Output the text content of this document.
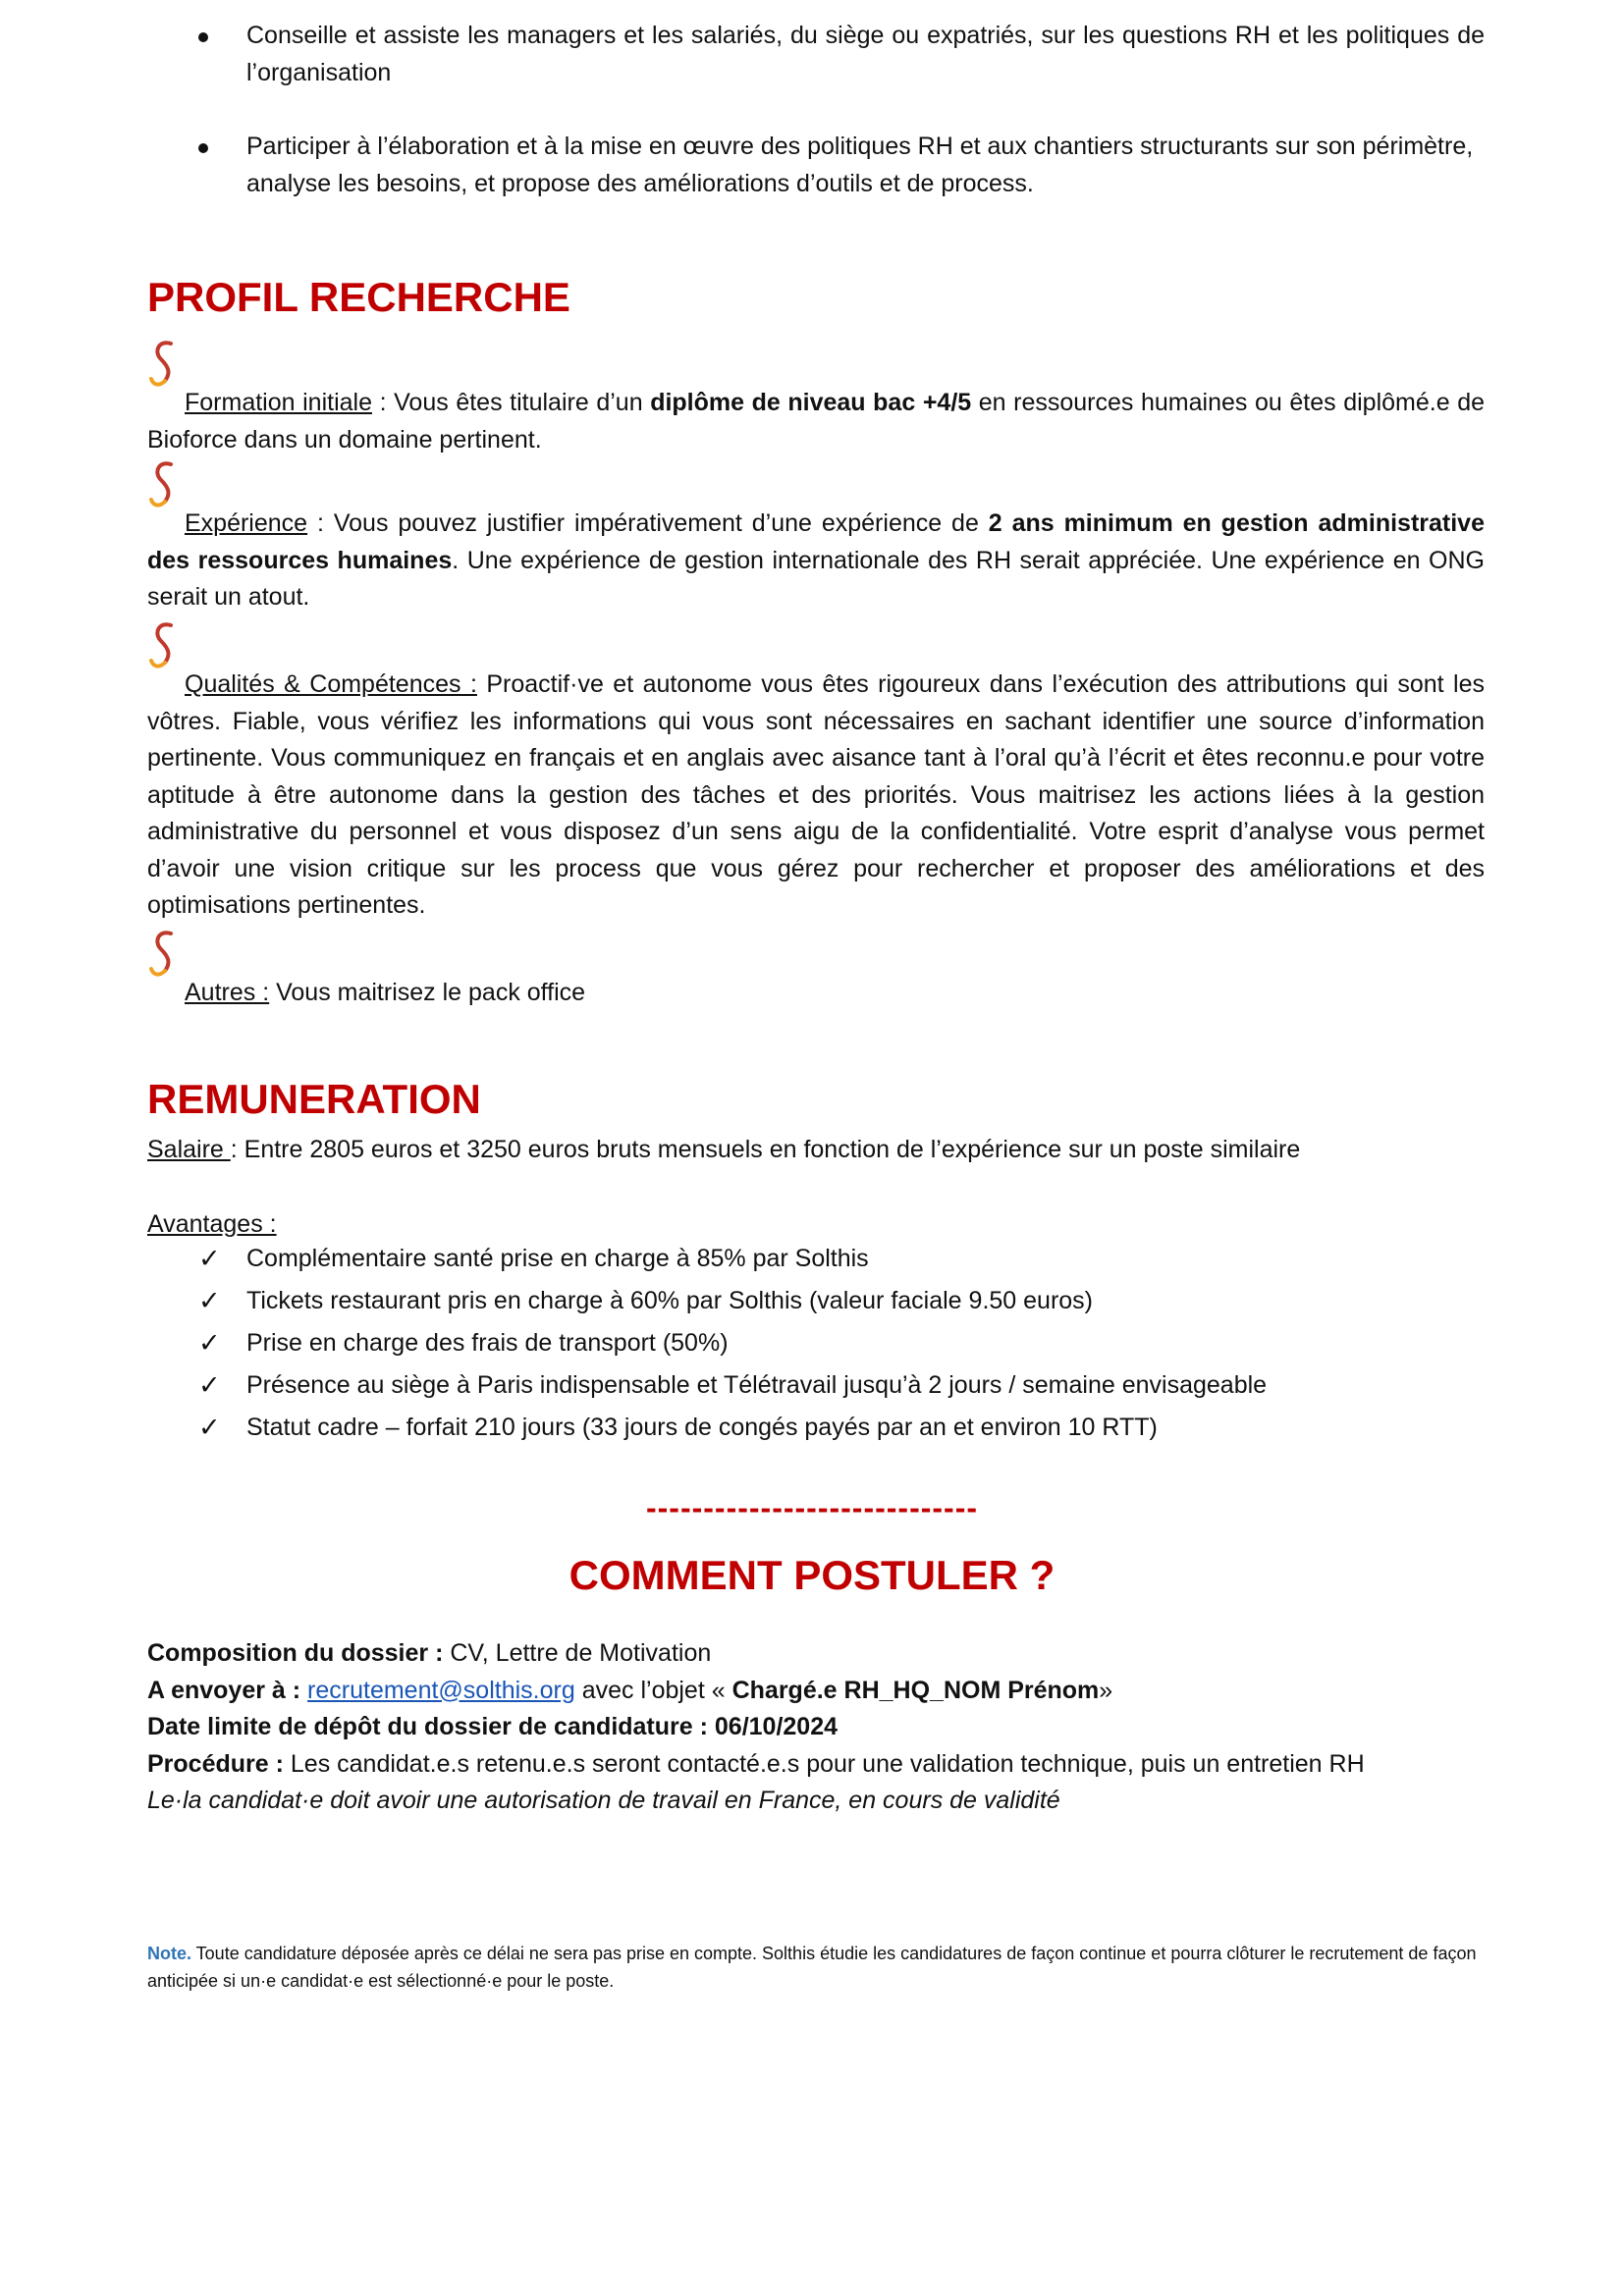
Conseille et assiste les managers et les salariés, du siège ou expatriés, sur les questions RH et les politiques de l’organisation
Participer à l’élaboration et à la mise en œuvre des politiques RH et aux chantiers structurants sur son périmètre, analyse les besoins, et propose des améliorations d’outils et de process.
PROFIL RECHERCHE
Formation initiale : Vous êtes titulaire d’un diplôme de niveau bac +4/5 en ressources humaines ou êtes diplômé.e de Bioforce dans un domaine pertinent.
Expérience : Vous pouvez justifier impérativement d’une expérience de 2 ans minimum en gestion administrative des ressources humaines. Une expérience de gestion internationale des RH serait appréciée. Une expérience en ONG serait un atout.
Qualités & Compétences : Proactif·ve et autonome vous êtes rigoureux dans l’exécution des attributions qui sont les vôtres. Fiable, vous vérifiez les informations qui vous sont nécessaires en sachant identifier une source d’information pertinente. Vous communiquez en français et en anglais avec aisance tant à l’oral qu’à l’écrit et êtes reconnu.e pour votre aptitude à être autonome dans la gestion des tâches et des priorités. Vous maitrisez les actions liées à la gestion administrative du personnel et vous disposez d’un sens aigu de la confidentialité. Votre esprit d’analyse vous permet d’avoir une vision critique sur les process que vous gérez pour rechercher et proposer des améliorations et des optimisations pertinentes.
Autres : Vous maitrisez le pack office
REMUNERATION
Salaire : Entre 2805 euros et 3250 euros bruts mensuels en fonction de l’expérience sur un poste similaire
Avantages :
✓ Complémentaire santé prise en charge à 85% par Solthis
✓ Tickets restaurant pris en charge à 60% par Solthis (valeur faciale 9.50 euros)
✓ Prise en charge des frais de transport (50%)
✓ Présence au siège à Paris indispensable et Télétravail jusqu’à 2 jours / semaine envisageable
✓ Statut cadre – forfait 210 jours (33 jours de congés payés par an et environ 10 RTT)
-----------------------------
COMMENT POSTULER ?
Composition du dossier : CV, Lettre de Motivation
A envoyer à : recrutement@solthis.org avec l’objet « Chargé.e RH_HQ_NOM Prénom»
Date limite de dépôt du dossier de candidature : 06/10/2024
Procédure : Les candidat.e.s retenu.e.s seront contacté.e.s pour une validation technique, puis un entretien RH
Le·la candidat·e doit avoir une autorisation de travail en France, en cours de validité
Note. Toute candidature déposée après ce délai ne sera pas prise en compte. Solthis étudie les candidatures de façon continue et pourra clôturer le recrutement de façon anticipée si un·e candidat·e est sélectionné·e pour le poste.
